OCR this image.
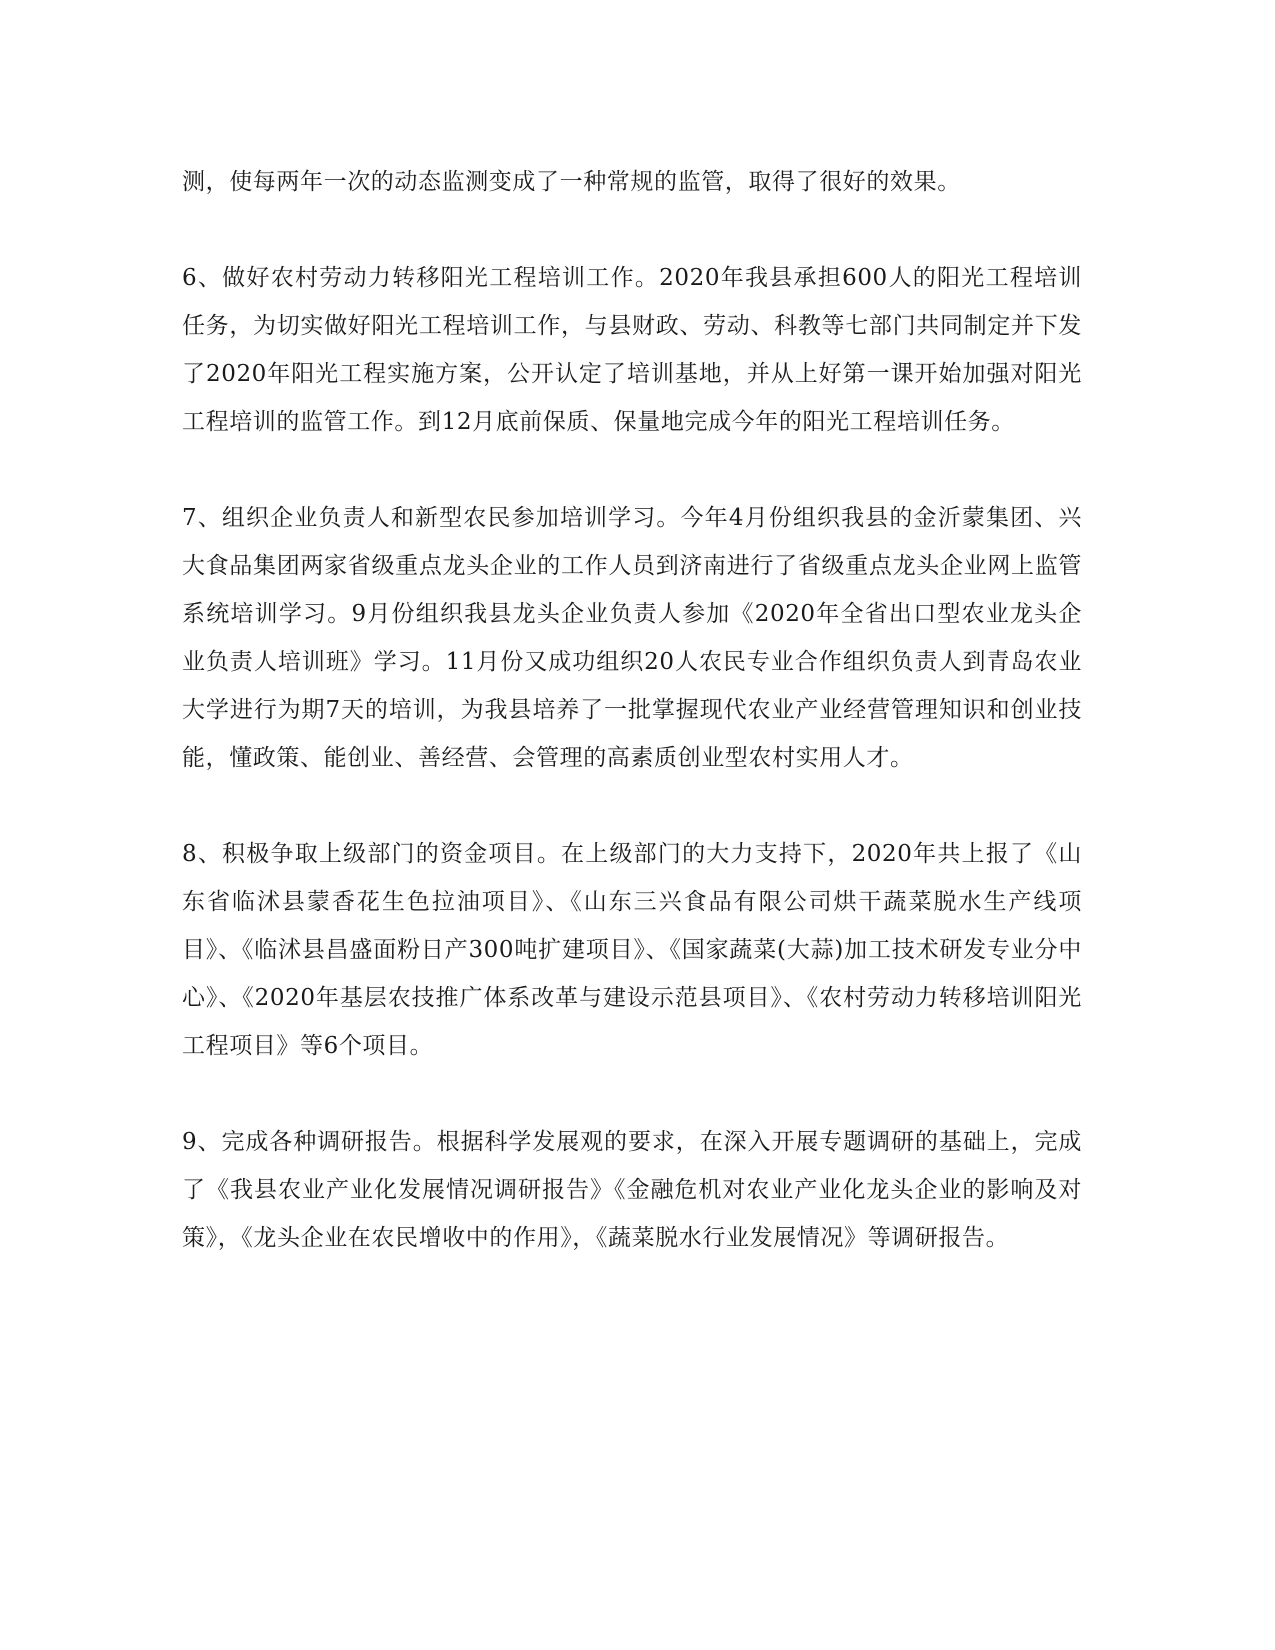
测，使每两年一次的动态监测变成了一种常规的监管，取得了很好的效果。

6、做好农村劳动力转移阳光工程培训工作。2020年我县承担600人的阳光工程培训任务，为切实做好阳光工程培训工作，与县财政、劳动、科教等七部门共同制定并下发了2020年阳光工程实施方案，公开认定了培训基地，并从上好第一课开始加强对阳光工程培训的监管工作。到12月底前保质、保量地完成今年的阳光工程培训任务。

7、组织企业负责人和新型农民参加培训学习。今年4月份组织我县的金沂蒙集团、兴大食品集团两家省级重点龙头企业的工作人员到济南进行了省级重点龙头企业网上监管系统培训学习。9月份组织我县龙头企业负责人参加《2020年全省出口型农业龙头企业负责人培训班》学习。11月份又成功组织20人农民专业合作组织负责人到青岛农业大学进行为期7天的培训，为我县培养了一批掌握现代农业产业经营管理知识和创业技能，懂政策、能创业、善经营、会管理的高素质创业型农村实用人才。

8、积极争取上级部门的资金项目。在上级部门的大力支持下，2020年共上报了《山东省临沭县蒙香花生色拉油项目》、《山东三兴食品有限公司烘干蔬菜脱水生产线项目》、《临沭县昌盛面粉日产300吨扩建项目》、《国家蔬菜(大蒜)加工技术研发专业分中心》、《2020年基层农技推广体系改革与建设示范县项目》、《农村劳动力转移培训阳光工程项目》等6个项目。

9、完成各种调研报告。根据科学发展观的要求，在深入开展专题调研的基础上，完成了《我县农业产业化发展情况调研报告》《金融危机对农业产业化龙头企业的影响及对策》，《龙头企业在农民增收中的作用》，《蔬菜脱水行业发展情况》等调研报告。
